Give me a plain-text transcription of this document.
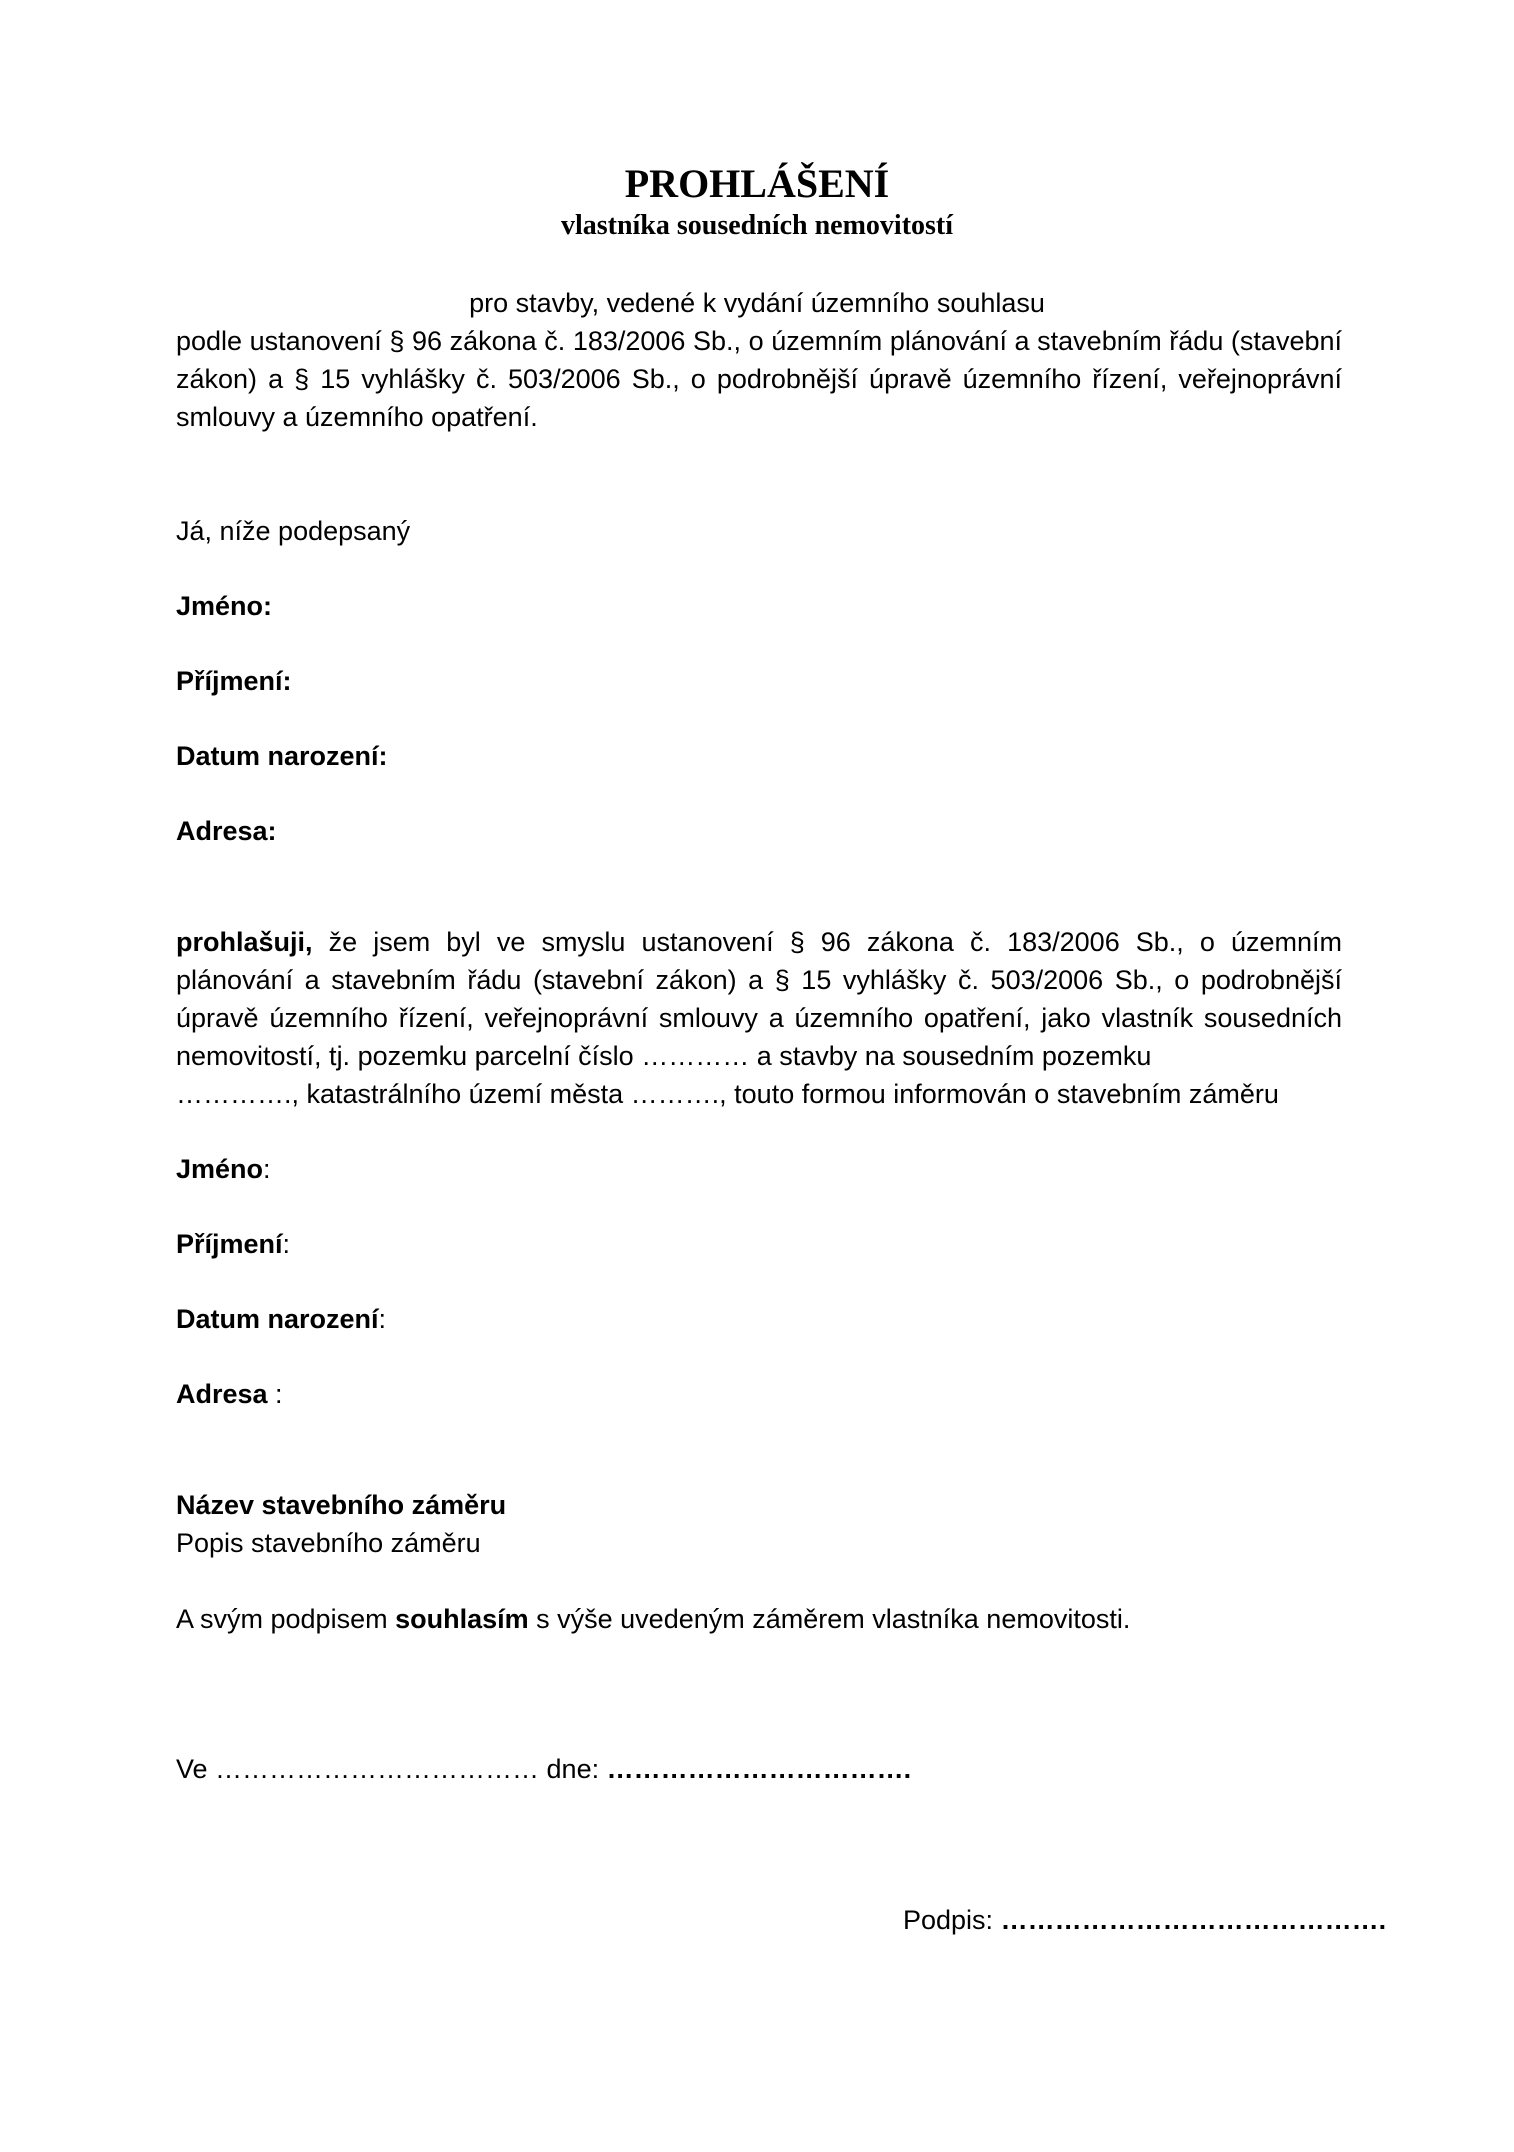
PROHLÁŠENÍ
vlastníka sousedních nemovitostí
pro stavby, vedené k vydání územního souhlasu
podle ustanovení § 96 zákona č. 183/2006 Sb., o územním plánování a stavebním řádu (stavební zákon) a § 15 vyhlášky č. 503/2006 Sb., o podrobnější úpravě územního řízení, veřejnoprávní smlouvy a územního opatření.
Já, níže podepsaný
Jméno:
Příjmení:
Datum narození:
Adresa:
prohlašuji, že jsem byl ve smyslu ustanovení § 96 zákona č. 183/2006 Sb., o územním plánování a stavebním řádu (stavební zákon) a § 15 vyhlášky č. 503/2006 Sb., o podrobnější úpravě územního řízení, veřejnoprávní smlouvy a územního opatření, jako vlastník sousedních nemovitostí, tj. pozemku parcelní číslo ………… a stavby na sousedním pozemku
…………., katastrálního území města ………., touto formou informován o stavebním záměru
Jméno:
Příjmení:
Datum narození:
Adresa :
Název stavebního záměru
Popis stavebního záměru
A svým podpisem souhlasím s výše uvedeným záměrem vlastníka nemovitosti.
Ve ……………………………… dne: …………………………….
Podpis: …………………………………….
